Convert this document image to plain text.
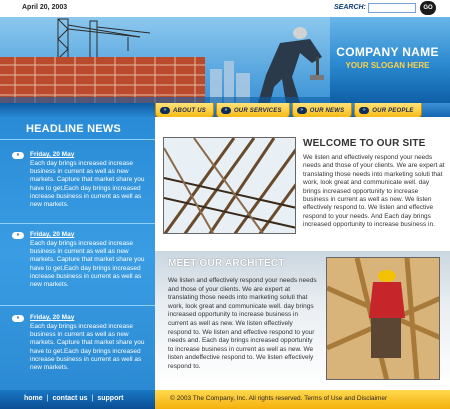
April 20, 2003	SEARCH:	GO
COMPANY NAME
YOUR SLOGAN HERE
»	ABOUT US	»	OUR SERVICES	»	OUR NEWS	»	OUR PEOPLE
HEADLINE NEWS
»	Friday, 20 May
Each day brings increased increase business in current as well as new markets. Capture that market share you have to get.Each day brings increased increase business in current as well as new markets.
»	Friday, 20 May
Each day brings increased increase business in current as well as new markets. Capture that market share you have to get.Each day brings increased increase business in current as well as new markets.
»	Friday, 20 May
Each day brings increased increase business in current as well as new markets. Capture that market share you have to get.Each day brings increased increase business in current as well as new markets.
WELCOME TO OUR SITE
We listen and effectively respond your needs needs and those of your clients. We are expert at translating those needs into marketing soluti that work, look great and communicate well. day brings increased opportunity to increase business in current as well as new. We listen effectively respond to. We listen and effective respond to your needs. And Each day brings increased opportunity to increase business in.
MEET OUR ARCHITECT
We listen and effectively respond your needs needs and those of your clients. We are expert at translating those needs into marketing soluti that work, look great and communicate well. day brings increased opportunity to increase business in current as well as new. We listen effectively respond to. We listen and effective respond to your needs and. Each day brings increased opportunity to increase business in current as well as new. We listen andeffective respond to. We listen effectively respond to.
home | contact us | support	© 2003 The Company, Inc. All rights reserved. Terms of Use and Disclaimer
